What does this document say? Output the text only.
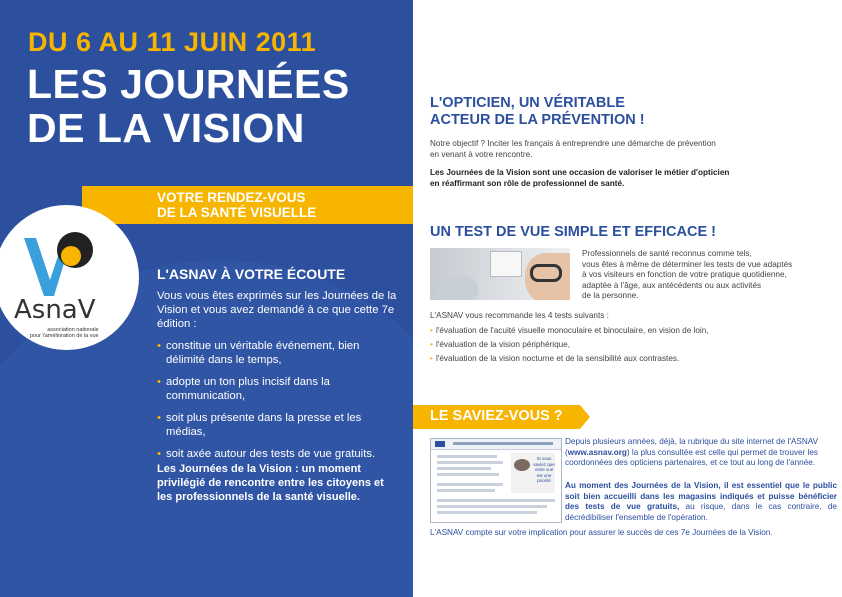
DU 6 AU 11 JUIN 2011
LES JOURNÉES
DE LA VISION
VOTRE RENDEZ-VOUS
DE LA SANTÉ VISUELLE
AsnaV
association nationale
pour l'amélioration de la vue
L'ASNAV À VOTRE ÉCOUTE
Vous vous êtes exprimés sur les Journées de la Vision et vous avez demandé à ce que cette 7e édition :
• constitue un véritable événement, bien délimité dans le temps,
• adopte un ton plus incisif dans la communication,
• soit plus présente dans la presse et les médias,
• soit axée autour des tests de vue gratuits.
Les Journées de la Vision : un moment privilégié de rencontre entre les citoyens et les professionnels de la santé visuelle.
L'OPTICIEN, UN VÉRITABLE
ACTEUR DE LA PRÉVENTION !
Notre objectif ? Inciter les français à entreprendre une démarche de prévention
en venant à votre rencontre.
Les Journées de la Vision sont une occasion de valoriser le métier d'opticien
en réaffirmant son rôle de professionnel de santé.
UN TEST DE VUE SIMPLE ET EFFICACE !
Professionnels de santé reconnus comme tels,
vous êtes à même de déterminer les tests de vue adaptés
à vos visiteurs en fonction de votre pratique quotidienne,
adaptée à l'âge, aux antécédents ou aux activités
de la personne.
L'ASNAV vous recommande les 4 tests suivants :
• l'évaluation de l'acuité visuelle monoculaire et binoculaire, en vision de loin,
• l'évaluation de la vision périphérique,
• l'évaluation de la vision nocturne et de la sensibilité aux contrastes.
LE SAVIEZ-VOUS ?
Si vous saviez que votre vue est une priorité
Depuis plusieurs années, déjà, la rubrique du site internet de l'ASNAV (www.asnav.org) la plus consultée est celle qui permet de trouver les coordonnées des opticiens partenaires, et ce tout au long de l'année.
Au moment des Journées de la Vision, il est essentiel que le public soit bien accueilli dans les magasins indiqués et puisse bénéficier des tests de vue gratuits, au risque, dans le cas contraire, de décrédibiliser l'ensemble de l'opération.
L'ASNAV compte sur votre implication pour assurer le succès de ces 7e Journées de la Vision.
